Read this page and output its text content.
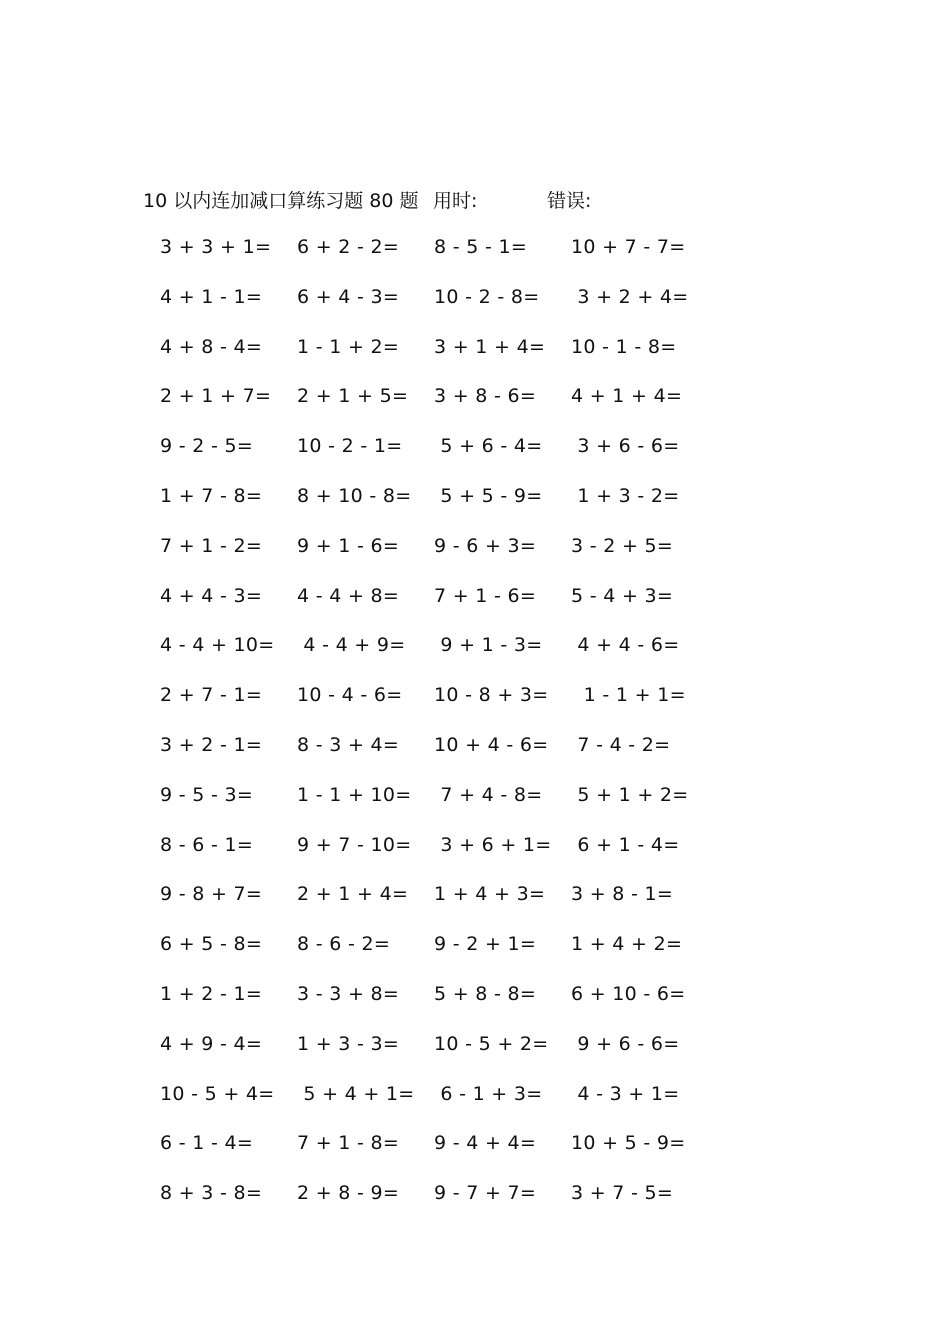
10 以内连加减口算练习题 80 题 用时:	错误:
3 + 3 + 1= 6 + 2 - 2= 8 - 5 - 1= 10 + 7 - 7=
4 + 1 - 1= 6 + 4 - 3= 10 - 2 - 8= 3 + 2 + 4=
4 + 8 - 4= 1 - 1 + 2= 3 + 1 + 4= 10 - 1 - 8=
2 + 1 + 7= 2 + 1 + 5= 3 + 8 - 6= 4 + 1 + 4=
9 - 2 - 5= 10 - 2 - 1= 5 + 6 - 4= 3 + 6 - 6=
1 + 7 - 8= 8 + 10 - 8= 5 + 5 - 9= 1 + 3 - 2=
7 + 1 - 2= 9 + 1 - 6= 9 - 6 + 3= 3 - 2 + 5=
4 + 4 - 3= 4 - 4 + 8= 7 + 1 - 6= 5 - 4 + 3=
4 - 4 + 10= 4 - 4 + 9= 9 + 1 - 3= 4 + 4 - 6=
2 + 7 - 1= 10 - 4 - 6= 10 - 8 + 3= 1 - 1 + 1=
3 + 2 - 1= 8 - 3 + 4= 10 + 4 - 6= 7 - 4 - 2=
9 - 5 - 3= 1 - 1 + 10= 7 + 4 - 8= 5 + 1 + 2=
8 - 6 - 1= 9 + 7 - 10= 3 + 6 + 1= 6 + 1 - 4=
9 - 8 + 7= 2 + 1 + 4= 1 + 4 + 3= 3 + 8 - 1=
6 + 5 - 8= 8 - 6 - 2= 9 - 2 + 1= 1 + 4 + 2=
1 + 2 - 1= 3 - 3 + 8= 5 + 8 - 8= 6 + 10 - 6=
4 + 9 - 4= 1 + 3 - 3= 10 - 5 + 2= 9 + 6 - 6=
10 - 5 + 4= 5 + 4 + 1= 6 - 1 + 3= 4 - 3 + 1=
6 - 1 - 4= 7 + 1 - 8= 9 - 4 + 4= 10 + 5 - 9=
8 + 3 - 8= 2 + 8 - 9= 9 - 7 + 7= 3 + 7 - 5=
